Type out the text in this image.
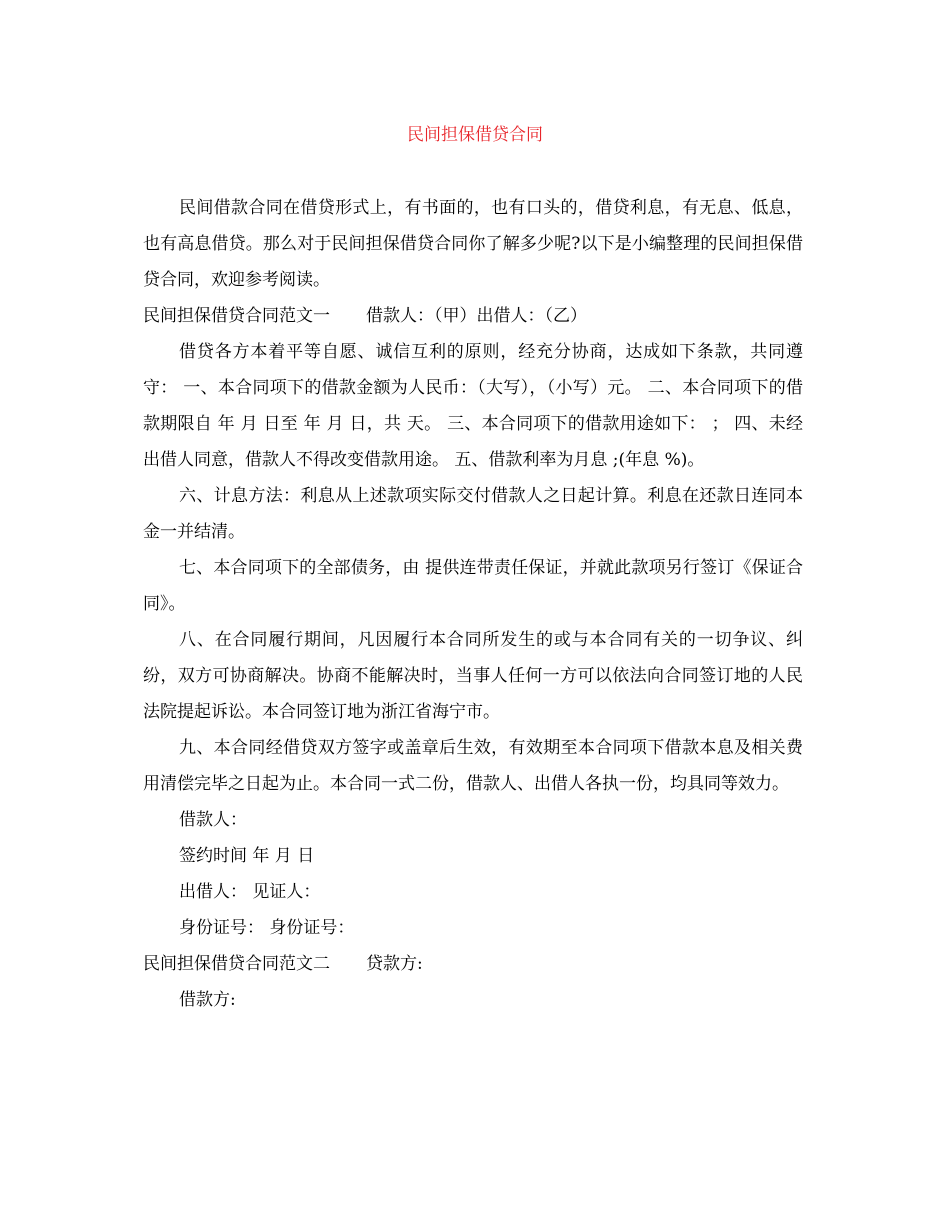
民间担保借贷合同

民间借款合同在借贷形式上，有书面的，也有口头的，借贷利息，有无息、低息，也有高息借贷。那么对于民间担保借贷合同你了解多少呢?以下是小编整理的民间担保借贷合同，欢迎参考阅读。

民间担保借贷合同范文一 借款人：（甲）出借人：（乙）

借贷各方本着平等自愿、诚信互利的原则，经充分协商，达成如下条款，共同遵守： 一、本合同项下的借款金额为人民币：（大写），（小写）元。 二、本合同项下的借款期限自 年 月 日至 年 月 日，共 天。 三、本合同项下的借款用途如下： ； 四、未经出借人同意，借款人不得改变借款用途。 五、借款利率为月息 ;(年息 %)。

六、计息方法：利息从上述款项实际交付借款人之日起计算。利息在还款日连同本金一并结清。

七、本合同项下的全部债务，由 提供连带责任保证，并就此款项另行签订《保证合同》。

八、在合同履行期间，凡因履行本合同所发生的或与本合同有关的一切争议、纠纷，双方可协商解决。协商不能解决时，当事人任何一方可以依法向合同签订地的人民法院提起诉讼。本合同签订地为浙江省海宁市。

九、本合同经借贷双方签字或盖章后生效，有效期至本合同项下借款本息及相关费用清偿完毕之日起为止。本合同一式二份，借款人、出借人各执一份，均具同等效力。

借款人：

签约时间 年 月 日

出借人： 见证人：

身份证号： 身份证号：

民间担保借贷合同范文二 贷款方:

借款方:
